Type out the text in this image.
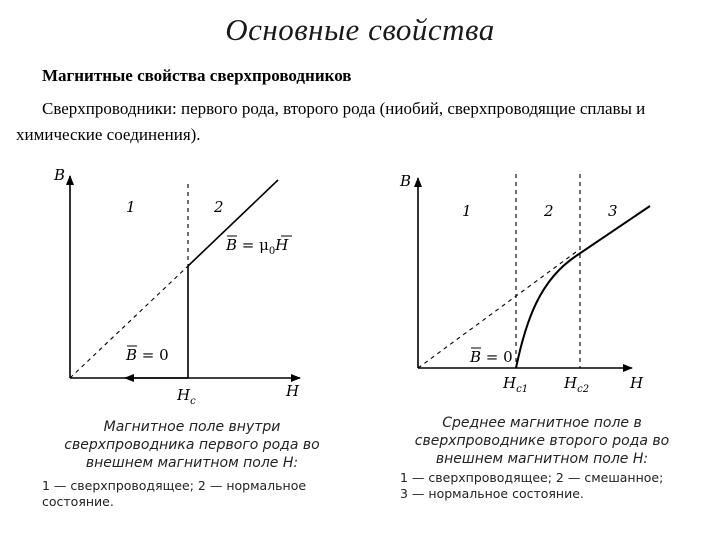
Основные свойства
Магнитные свойства сверхпроводников
Сверхпроводники: первого рода, второго рода (ниобий, сверхпроводящие сплавы и химические соединения).
B
H
1	2
$B = \mu_0H$
B = 0
$H_c$
B
H
1	2	3
B = 0
$H_{c1}$ $H_{c2}$
Магнитное поле внутри
сверхпроводника первого рода во
внешнем магнитном поле H:
1 — сверхпроводящее; 2 — нормальное
состояние.
Среднее магнитное поле в
сверхпроводнике второго рода во
внешнем магнитном поле H:
1 — сверхпроводящее; 2 — смешанное;
3 — нормальное состояние.
